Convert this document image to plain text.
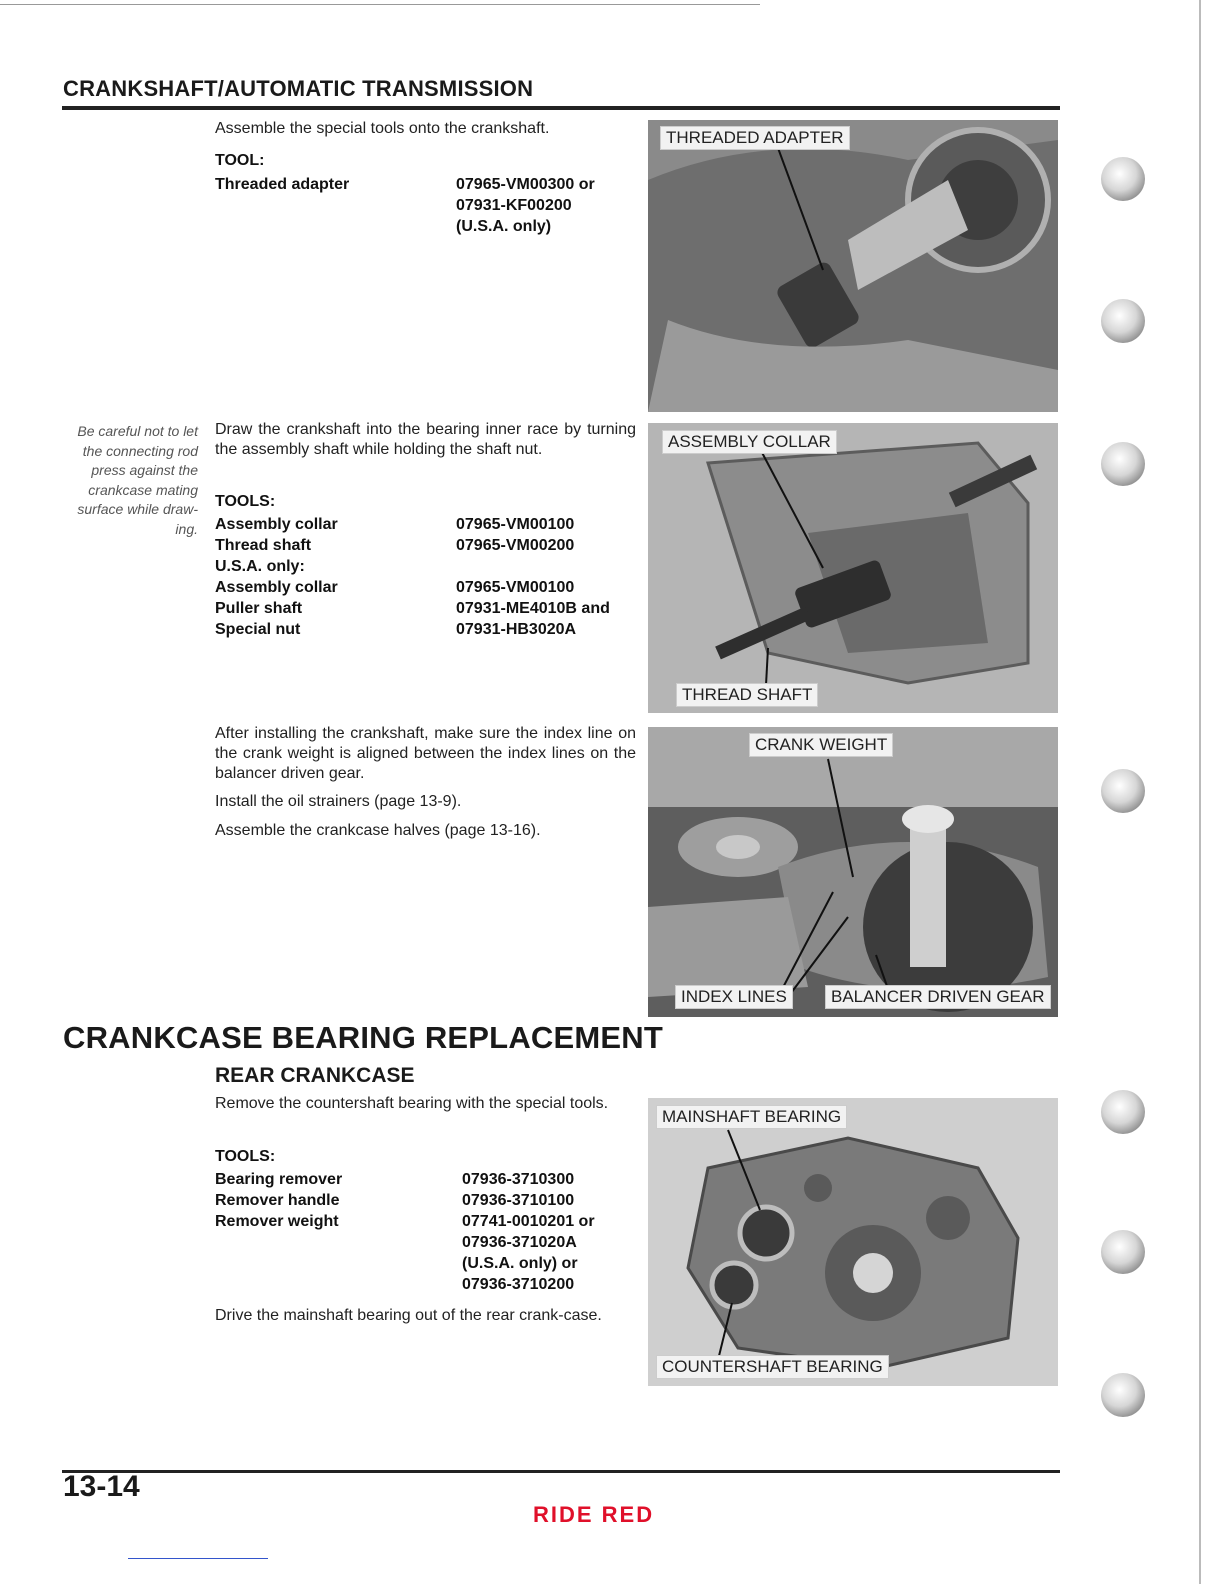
CRANKSHAFT/AUTOMATIC TRANSMISSION
Assemble the special tools onto the crankshaft.
TOOL:
Threaded adapter	07965-VM00300 or
07931-KF00200
(U.S.A. only)
THREADED ADAPTER
Be careful not to let
the connecting rod
press against the
crankcase mating
surface while draw-
ing.
Draw the crankshaft into the bearing inner race by turning the assembly shaft while holding the shaft nut.
TOOLS:
Assembly collar	07965-VM00100
Thread shaft	07965-VM00200
U.S.A. only:
Assembly collar	07965-VM00100
Puller shaft	07931-ME4010B and
Special nut	07931-HB3020A
ASSEMBLY COLLAR
THREAD SHAFT
After installing the crankshaft, make sure the index line on the crank weight is aligned between the index lines on the balancer driven gear.
Install the oil strainers (page 13-9).
Assemble the crankcase halves (page 13-16).
CRANK WEIGHT
INDEX LINES	BALANCER DRIVEN GEAR
CRANKCASE BEARING REPLACEMENT
REAR CRANKCASE
Remove the countershaft bearing with the special tools.
TOOLS:
Bearing remover	07936-3710300
Remover handle	07936-3710100
Remover weight	07741-0010201 or
07936-371020A
(U.S.A. only) or
07936-3710200
Drive the mainshaft bearing out of the rear crank-case.
MAINSHAFT BEARING
COUNTERSHAFT BEARING
13-14
RIDE RED
